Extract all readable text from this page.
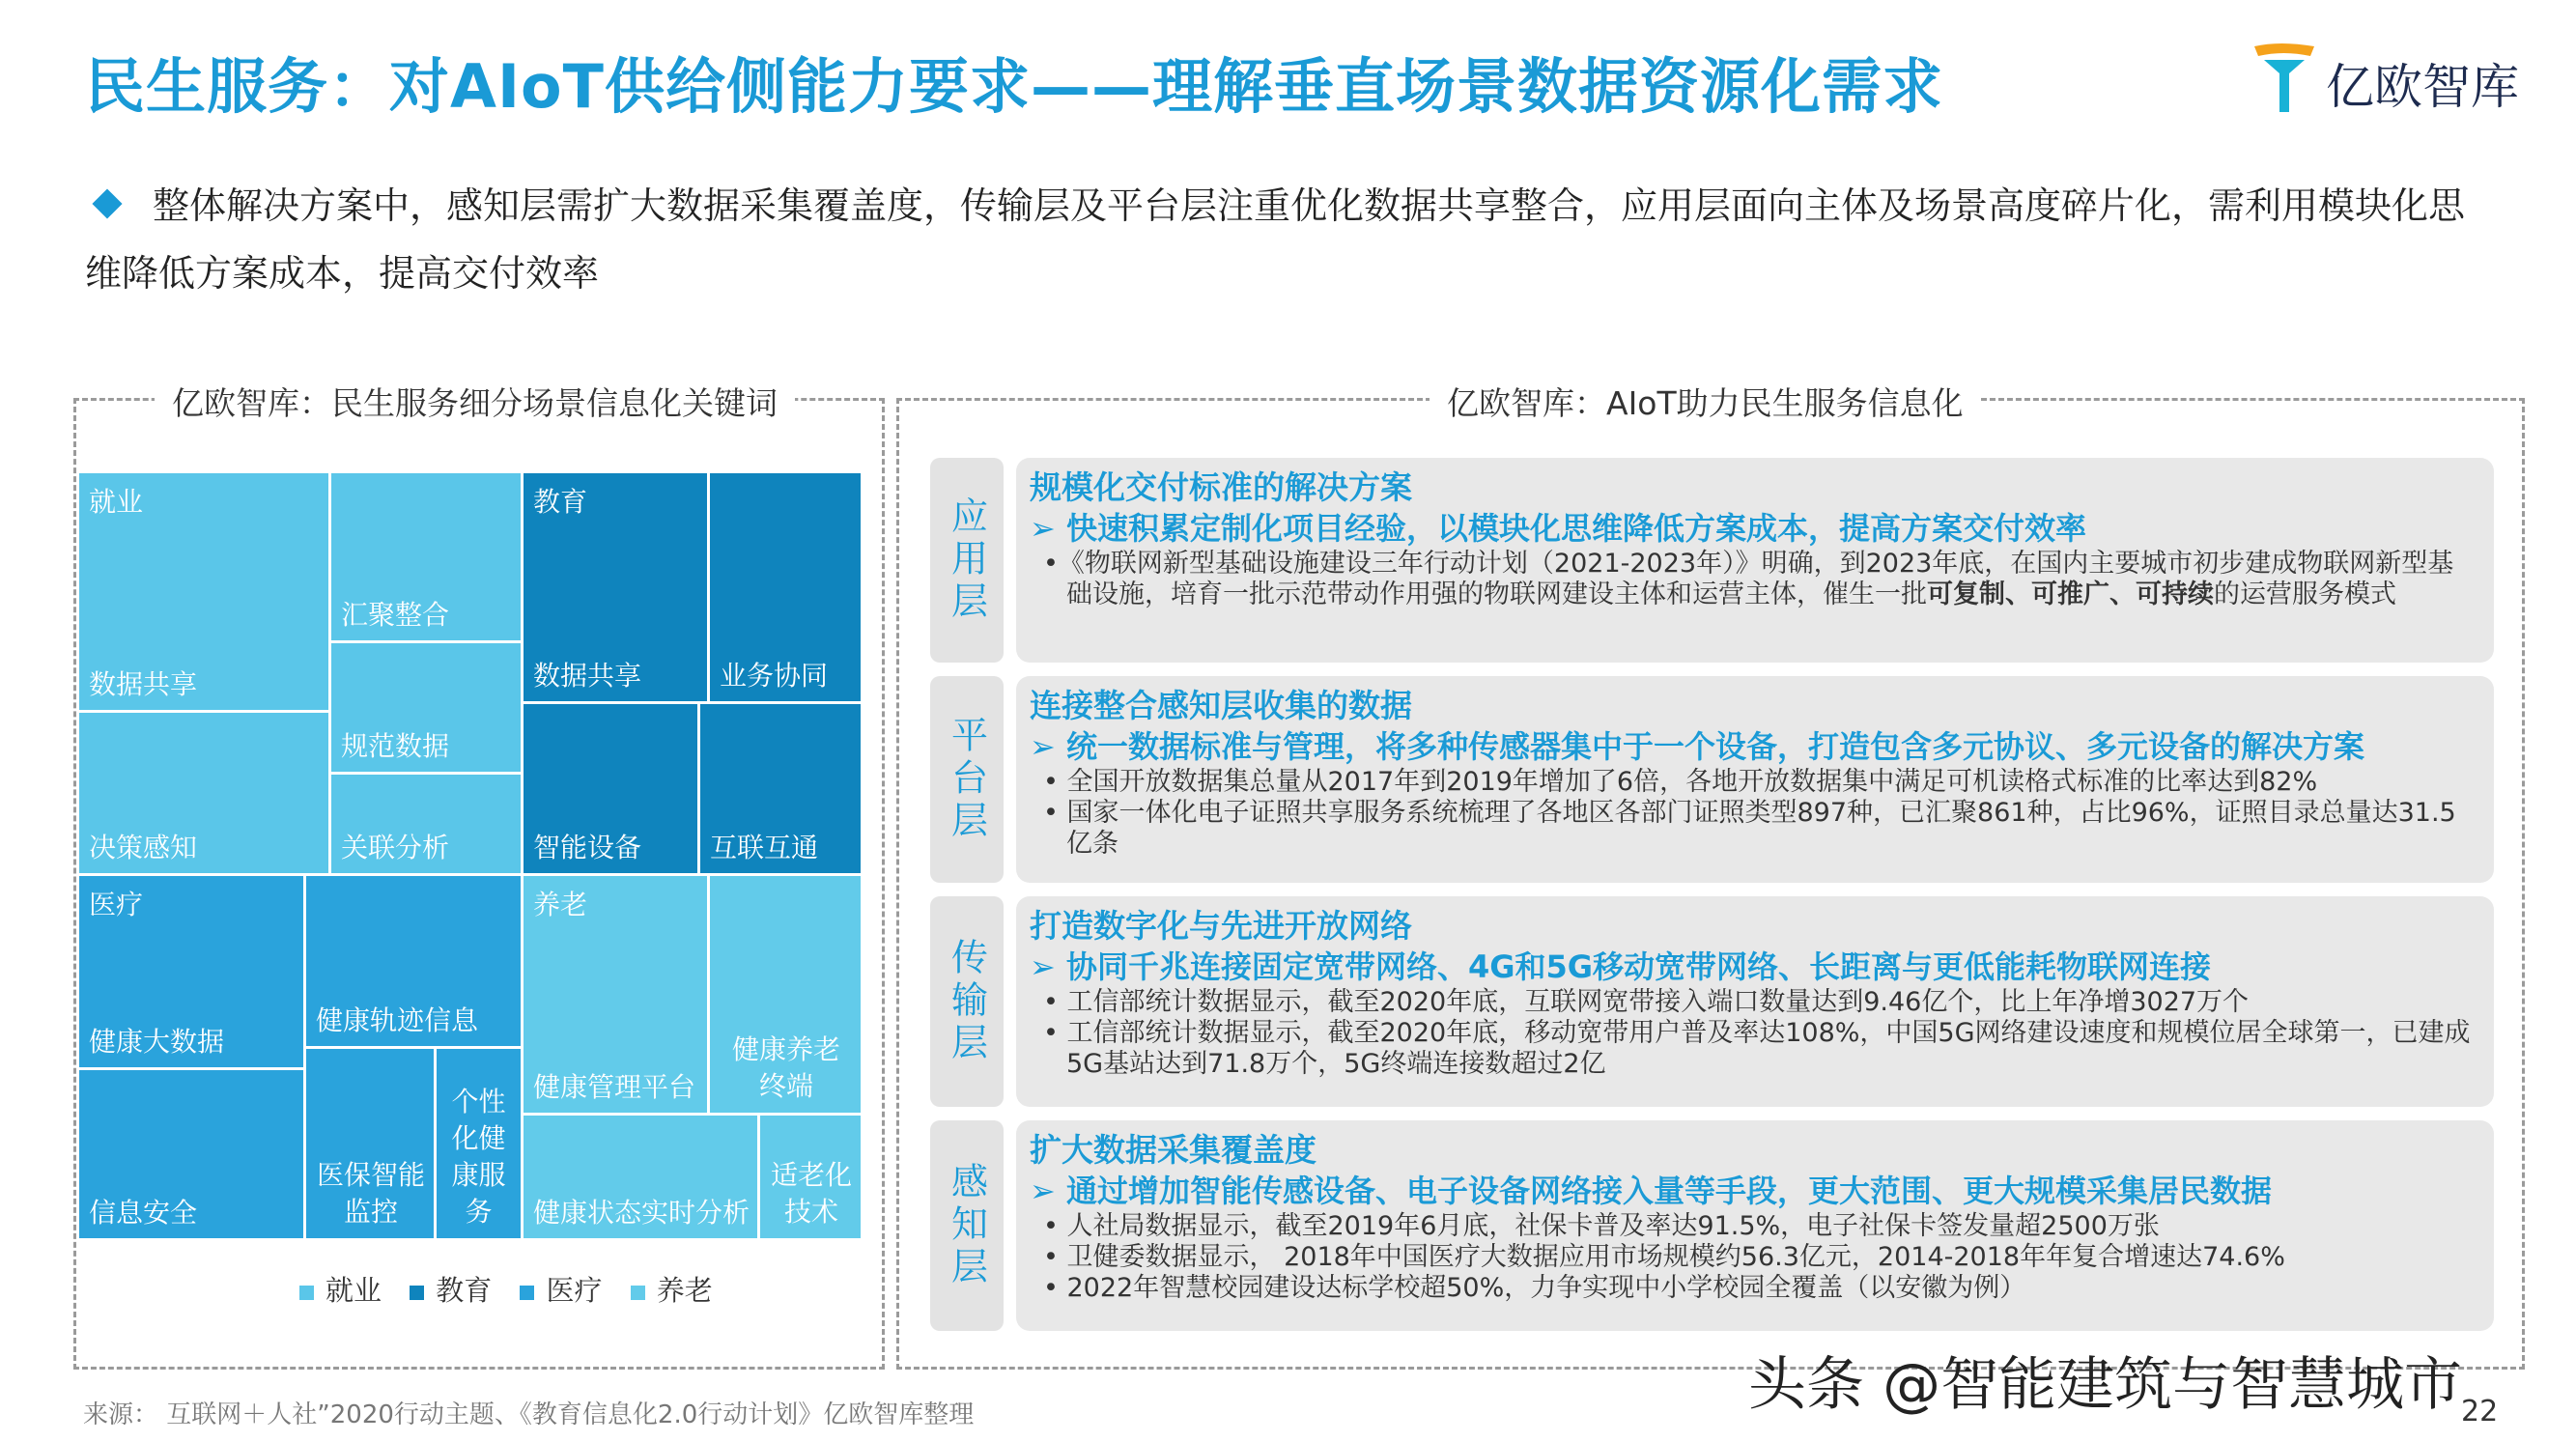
民生服务：对AIoT供给侧能力要求——理解垂直场景数据资源化需求	亿欧智库
整体解决方案中，感知层需扩大数据采集覆盖度，传输层及平台层注重优化数据共享整合，应用层面向主体及场景高度碎片化，需利用模块化思维降低方案成本，提高交付效率
亿欧智库：民生服务细分场景信息化关键词
就业
数据共享
汇聚整合
规范数据
决策感知	关联分析
教育
数据共享	业务协同
智能设备	互联互通
医疗
健康大数据
健康轨迹信息
信息安全
医保智能监控
个性化健康服务
养老
健康管理平台
健康养老终端
健康状态实时分析
适老化技术
就业 教育 医疗 养老
亿欧智库：AIoT助力民生服务信息化
应用层
规模化交付标准的解决方案
➢ 快速积累定制化项目经验，以模块化思维降低方案成本，提高方案交付效率
•《物联网新型基础设施建设三年行动计划（2021-2023年）》明确，到2023年底，在国内主要城市初步建成物联网新型基础设施，培育一批示范带动作用强的物联网建设主体和运营主体，催生一批可复制、可推广、可持续的运营服务模式
平台层
连接整合感知层收集的数据
➢ 统一数据标准与管理，将多种传感器集中于一个设备，打造包含多元协议、多元设备的解决方案
• 全国开放数据集总量从2017年到2019年增加了6倍，各地开放数据集中满足可机读格式标准的比率达到82%
• 国家一体化电子证照共享服务系统梳理了各地区各部门证照类型897种，已汇聚861种，占比96%，证照目录总量达31.5亿条
传输层
打造数字化与先进开放网络
➢ 协同千兆连接固定宽带网络、4G和5G移动宽带网络、长距离与更低能耗物联网连接
• 工信部统计数据显示，截至2020年底，互联网宽带接入端口数量达到9.46亿个，比上年净增3027万个
• 工信部统计数据显示，截至2020年底，移动宽带用户普及率达108%，中国5G网络建设速度和规模位居全球第一，已建成5G基站达到71.8万个，5G终端连接数超过2亿
感知层
扩大数据采集覆盖度
➢ 通过增加智能传感设备、电子设备网络接入量等手段，更大范围、更大规模采集居民数据
• 人社局数据显示，截至2019年6月底，社保卡普及率达91.5%，电子社保卡签发量超2500万张
• 卫健委数据显示， 2018年中国医疗大数据应用市场规模约56.3亿元，2014-2018年年复合增速达74.6%
• 2022年智慧校园建设达标学校超50%，力争实现中小学校园全覆盖（以安徽为例）
来源： 互联网＋人社”2020行动主题、《教育信息化2.0行动计划》亿欧智库整理	头条 @智能建筑与智慧城市
22
